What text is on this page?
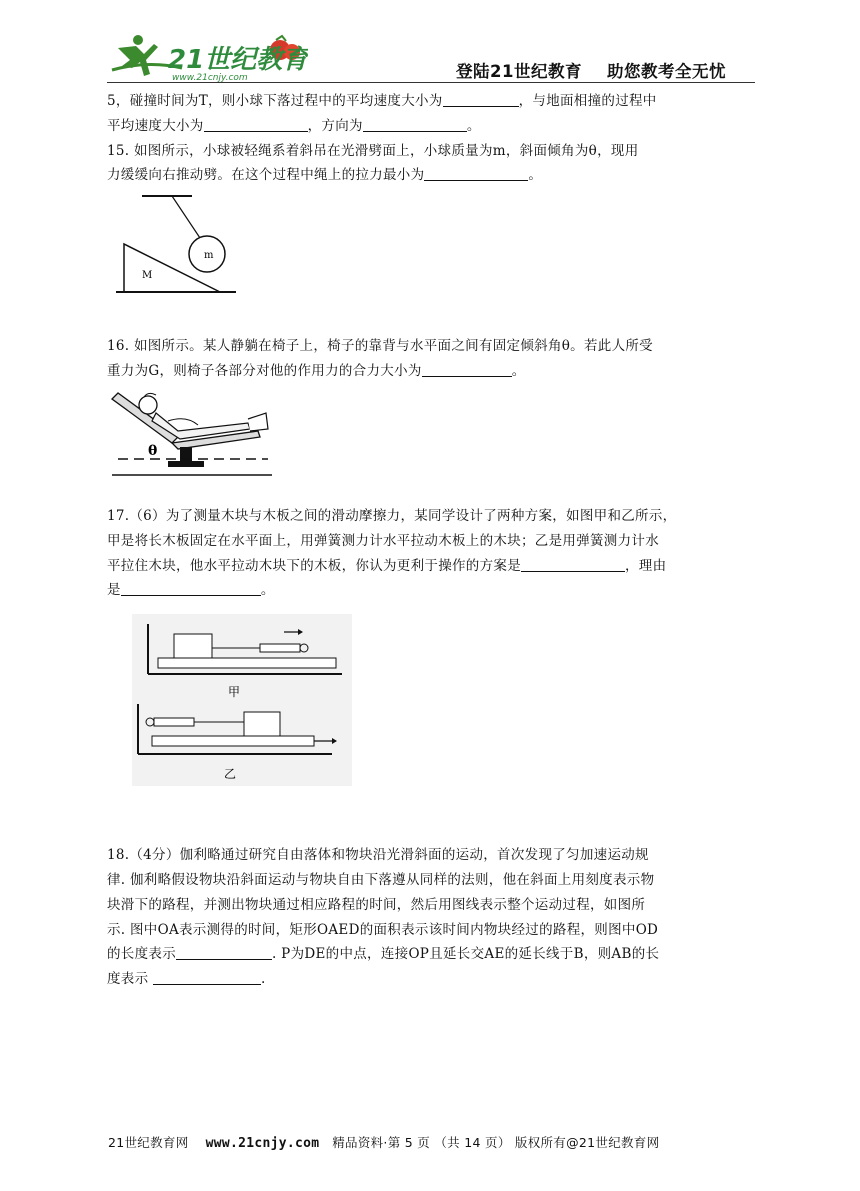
21世纪教育
www.21cnjy.com	登陆21世纪教育    助您教考全无忧
5，碰撞时间为T，则小球下落过程中的平均速度大小为	，与地面相撞的过程中
平均速度大小为	，方向为	。
15. 如图所示，小球被轻绳系着斜吊在光滑劈面上，小球质量为m，斜面倾角为θ，现用
力缓缓向右推动劈。在这个过程中绳上的拉力最小为	。
m
M
16. 如图所示。某人静躺在椅子上，椅子的靠背与水平面之间有固定倾斜角θ。若此人所受
重力为G，则椅子各部分对他的作用力的合力大小为	。
θ
17.（6）为了测量木块与木板之间的滑动摩擦力，某同学设计了两种方案，如图甲和乙所示，
甲是将长木板固定在水平面上，用弹簧测力计水平拉动木板上的木块；乙是用弹簧测力计水
平拉住木块，他水平拉动木块下的木板，你认为更利于操作的方案是	，理由
是	。
甲
乙
18.（4分）伽利略通过研究自由落体和物块沿光滑斜面的运动，首次发现了匀加速运动规
律. 伽利略假设物块沿斜面运动与物块自由下落遵从同样的法则，他在斜面上用刻度表示物
块滑下的路程，并测出物块通过相应路程的时间，然后用图线表示整个运动过程，如图所
示. 图中OA表示测得的时间，矩形OAED的面积表示该时间内物块经过的路程，则图中OD
的长度表示	. P为DE的中点，连接OP且延长交AE的延长线于B，则AB的长
度表示	.
21世纪教育网 www.21cnjy.com 精品资料·第 5 页 （共 14 页） 版权所有@21世纪教育网
